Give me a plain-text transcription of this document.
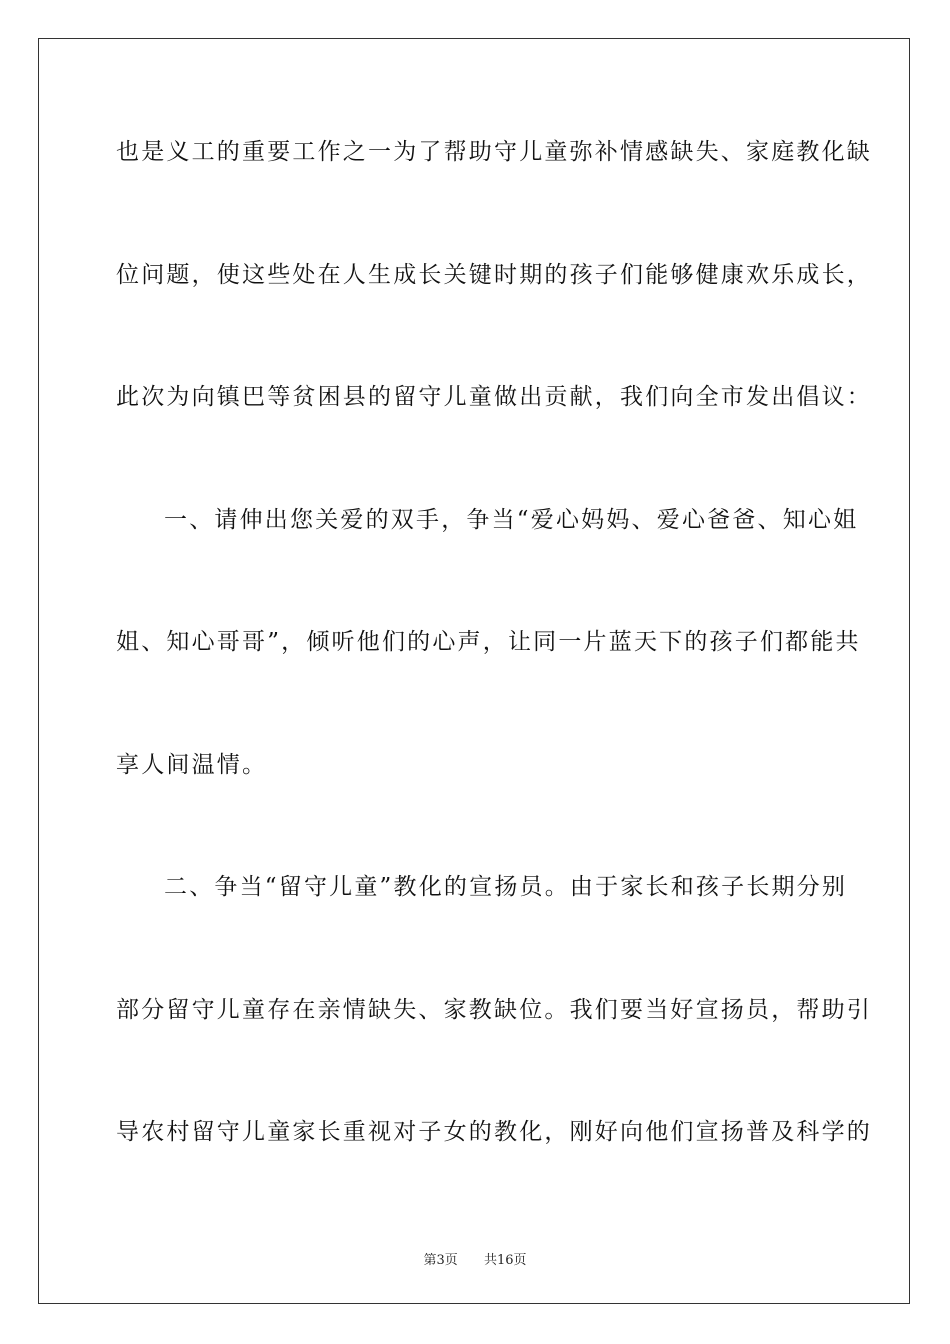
也是义工的重要工作之一为了帮助守儿童弥补情感缺失、家庭教化缺
位问题，使这些处在人生成长关键时期的孩子们能够健康欢乐成长，
此次为向镇巴等贫困县的留守儿童做出贡献，我们向全市发出倡议：
一、请伸出您关爱的双手，争当“爱心妈妈、爱心爸爸、知心姐
姐、知心哥哥”，倾听他们的心声，让同一片蓝天下的孩子们都能共
享人间温情。
二、争当“留守儿童”教化的宣扬员。由于家长和孩子长期分别
部分留守儿童存在亲情缺失、家教缺位。我们要当好宣扬员，帮助引
导农村留守儿童家长重视对子女的教化，刚好向他们宣扬普及科学的
第3页 共16页
